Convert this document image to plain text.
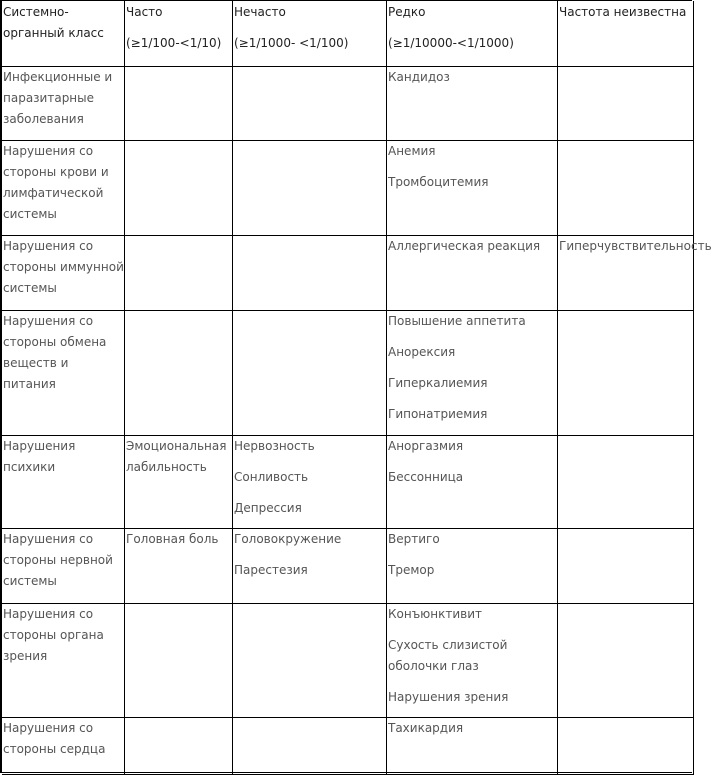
Системно-органный класс
Часто
(≥1/100-<1/10)
Нечасто
(≥1/1000- <1/100)
Редко
(≥1/10000-<1/1000)
Частота неизвестна
Инфекционные и паразитарные заболевания
Кандидоз
Нарушения со стороны крови и лимфатической системы
Анемия
Тромбоцитемия
Нарушения со стороны иммунной системы
Аллергическая реакция	Гиперчувствительность
Нарушения со стороны обмена веществ и питания
Повышение аппетита
Анорексия
Гиперкалиемия
Гипонатриемия
Нарушения психики
Эмоциональная лабильность
Нервозность
Сонливость
Депрессия
Аноргазмия
Бессонница
Нарушения со стороны нервной системы
Головная боль	Головокружение
Парестезия
Вертиго
Тремор
Нарушения со стороны органа зрения
Конъюнктивит
Сухость слизистой оболочки глаз
Нарушения зрения
Нарушения со стороны сердца
Тахикардия
